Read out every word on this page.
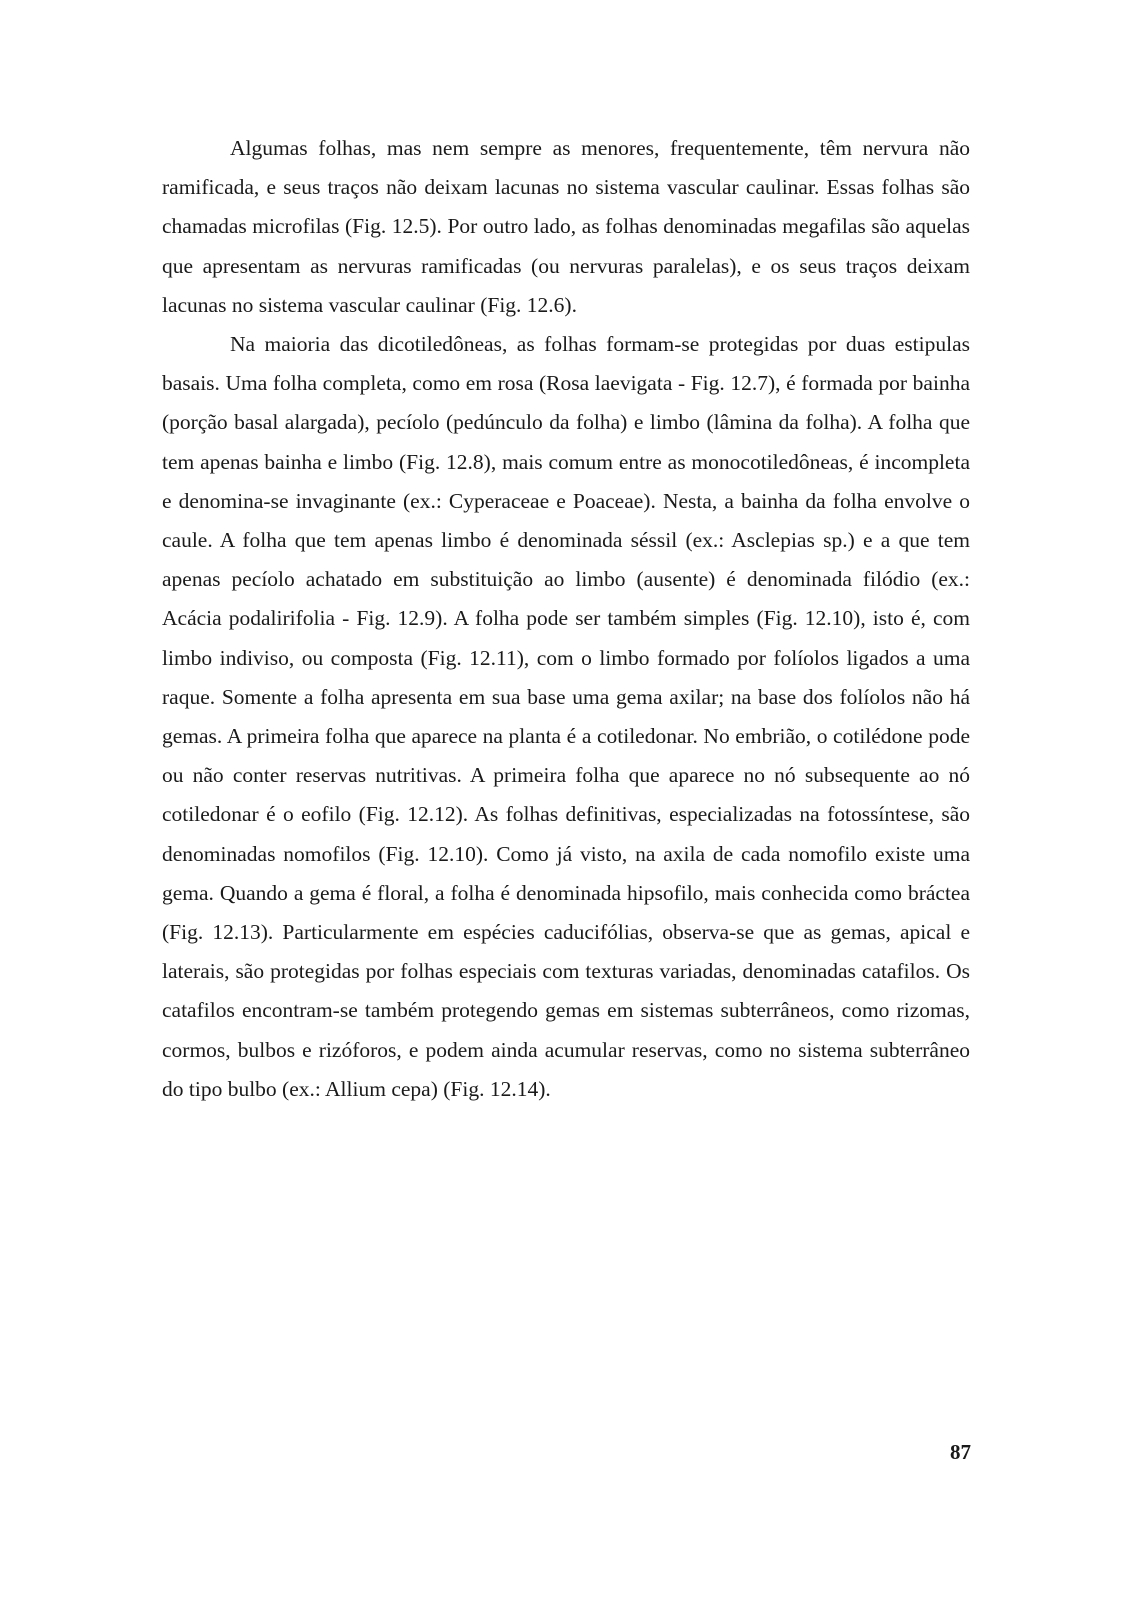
Algumas folhas, mas nem sempre as menores, frequentemente, têm nervura não ramificada, e seus traços não deixam lacunas no sistema vascular caulinar. Essas folhas são chamadas microfilas (Fig. 12.5). Por outro lado, as folhas denominadas megafilas são aquelas que apresentam as nervuras ramificadas (ou nervuras paralelas), e os seus traços deixam lacunas no sistema vascular caulinar (Fig. 12.6).

Na maioria das dicotiledôneas, as folhas formam-se protegidas por duas estipulas basais. Uma folha completa, como em rosa (Rosa laevigata - Fig. 12.7), é formada por bainha (porção basal alargada), pecíolo (pedúnculo da folha) e limbo (lâmina da folha). A folha que tem apenas bainha e limbo (Fig. 12.8), mais comum entre as monocotiledôneas, é incompleta e denomina-se invaginante (ex.: Cyperaceae e Poaceae). Nesta, a bainha da folha envolve o caule. A folha que tem apenas limbo é denominada séssil (ex.: Asclepias sp.) e a que tem apenas pecíolo achatado em substituição ao limbo (ausente) é denominada filódio (ex.: Acácia podalirifolia - Fig. 12.9). A folha pode ser também simples (Fig. 12.10), isto é, com limbo indiviso, ou composta (Fig. 12.11), com o limbo formado por folíolos ligados a uma raque. Somente a folha apresenta em sua base uma gema axilar; na base dos folíolos não há gemas. A primeira folha que aparece na planta é a cotiledonar. No embrião, o cotilédone pode ou não conter reservas nutritivas. A primeira folha que aparece no nó subsequente ao nó cotiledonar é o eofilo (Fig. 12.12). As folhas definitivas, especializadas na fotossíntese, são denominadas nomofilos (Fig. 12.10). Como já visto, na axila de cada nomofilo existe uma gema. Quando a gema é floral, a folha é denominada hipsofilo, mais conhecida como bráctea (Fig. 12.13). Particularmente em espécies caducifólias, observa-se que as gemas, apical e laterais, são protegidas por folhas especiais com texturas variadas, denominadas catafilos. Os catafilos encontram-se também protegendo gemas em sistemas subterrâneos, como rizomas, cormos, bulbos e rizóforos, e podem ainda acumular reservas, como no sistema subterrâneo do tipo bulbo (ex.: Allium cepa) (Fig. 12.14).

87
